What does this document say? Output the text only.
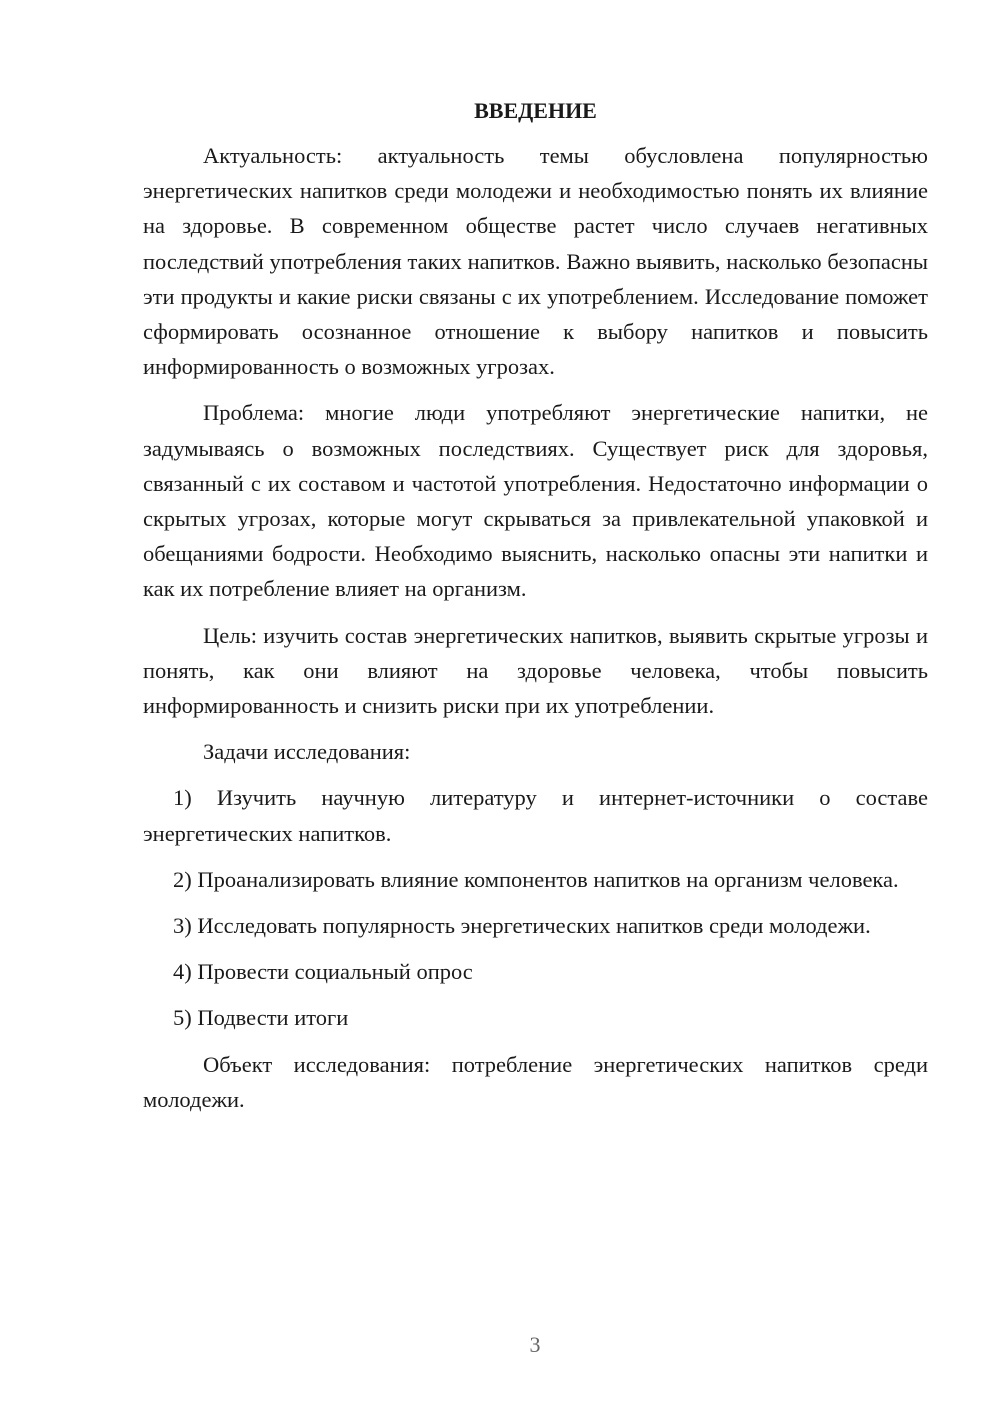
ВВЕДЕНИЕ

Актуальность: актуальность темы обусловлена популярностью энергетических напитков среди молодежи и необходимостью понять их влияние на здоровье. В современном обществе растет число случаев негативных последствий употребления таких напитков. Важно выявить, насколько безопасны эти продукты и какие риски связаны с их употреблением. Исследование поможет сформировать осознанное отношение к выбору напитков и повысить информированность о возможных угрозах.

Проблема: многие люди употребляют энергетические напитки, не задумываясь о возможных последствиях. Существует риск для здоровья, связанный с их составом и частотой употребления. Недостаточно информации о скрытых угрозах, которые могут скрываться за привлекательной упаковкой и обещаниями бодрости. Необходимо выяснить, насколько опасны эти напитки и как их потребление влияет на организм.

Цель: изучить состав энергетических напитков, выявить скрытые угрозы и понять, как они влияют на здоровье человека, чтобы повысить информированность и снизить риски при их употреблении.

Задачи исследования:

1) Изучить научную литературу и интернет-источники о составе энергетических напитков.

2) Проанализировать влияние компонентов напитков на организм человека.

3) Исследовать популярность энергетических напитков среди молодежи.

4) Провести социальный опрос

5) Подвести итоги

Объект исследования: потребление энергетических напитков среди молодежи.

3
